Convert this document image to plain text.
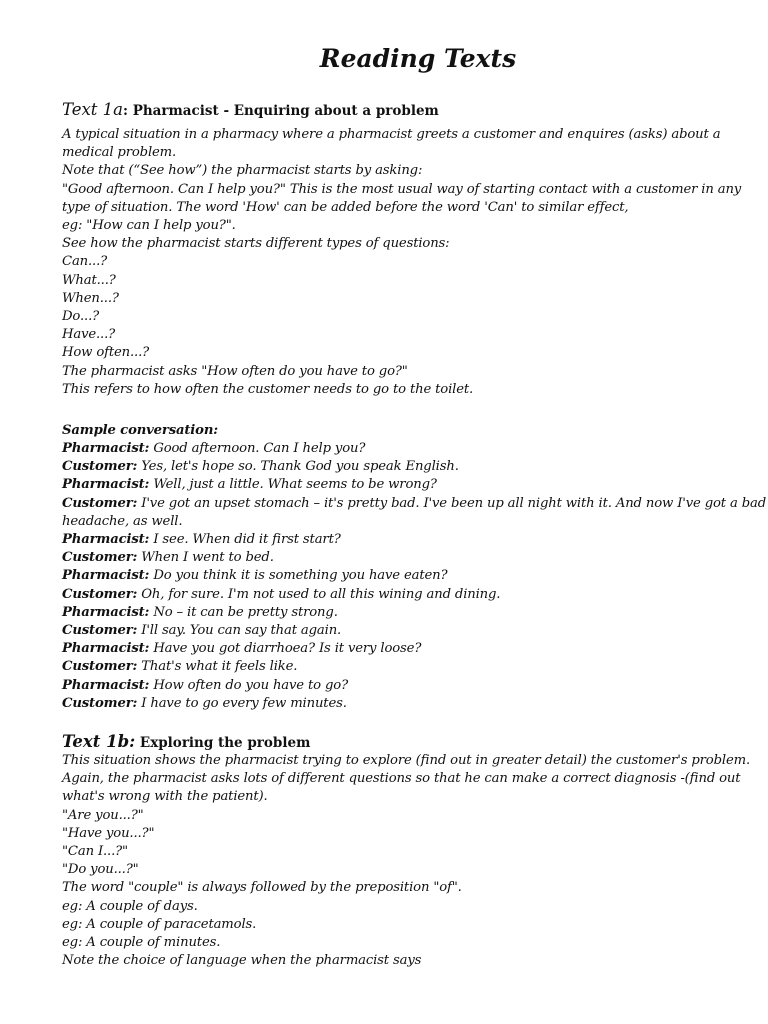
Reading Texts
Text 1a: Pharmacist - Enquiring about a problem

A typical situation in a pharmacy where a pharmacist greets a customer and enquires (asks) about a

medical problem.

Note that (“See how”) the pharmacist starts by asking:

"Good afternoon. Can I help you?" This is the most usual way of starting contact with a customer in any

type of situation. The word 'How' can be added before the word 'Can' to similar effect,

eg: "How can I help you?".

See how the pharmacist starts different types of questions:

Can...?

What...?

When...?

Do...?

Have...?

How often...?

The pharmacist asks "How often do you have to go?"

This refers to how often the customer needs to go to the toilet.

Sample conversation:

Pharmacist: Good afternoon. Can I help you?

Customer: Yes, let's hope so. Thank God you speak English.

Pharmacist: Well, just a little. What seems to be wrong?

Customer: I've got an upset stomach – it's pretty bad. I've been up all night with it. And now I've got a bad

headache, as well.

Pharmacist: I see. When did it first start?

Customer: When I went to bed.

Pharmacist: Do you think it is something you have eaten?

Customer: Oh, for sure. I'm not used to all this wining and dining.

Pharmacist: No – it can be pretty strong.

Customer: I'll say. You can say that again.

Pharmacist: Have you got diarrhoea? Is it very loose?

Customer: That's what it feels like.

Pharmacist: How often do you have to go?

Customer: I have to go every few minutes.

Text 1b: Exploring the problem

This situation shows the pharmacist trying to explore (find out in greater detail) the customer's problem.

Again, the pharmacist asks lots of different questions so that he can make a correct diagnosis -(find out

what's wrong with the patient).

"Are you...?"

"Have you...?"

"Can I...?"

"Do you...?"

The word "couple" is always followed by the preposition "of".

eg: A couple of days.

eg: A couple of paracetamols.

eg: A couple of minutes.

Note the choice of language when the pharmacist says
